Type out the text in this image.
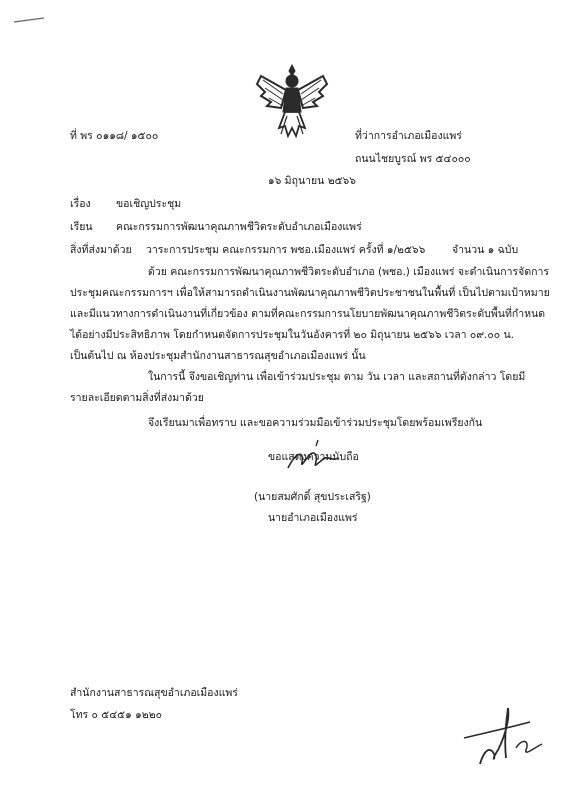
ที่ พร ๐๑๑๘/ ๑๕๐๐	ที่ว่าการอำเภอเมืองแพร่
ถนนไชยบูรณ์ พร ๕๔๐๐๐
๑๖ มิถุนายน ๒๕๖๖
เรื่อง ขอเชิญประชุม
เรียน คณะกรรมการพัฒนาคุณภาพชีวิตระดับอำเภอเมืองแพร่
สิ่งที่ส่งมาด้วย วาระการประชุม คณะกรรมการ พชอ.เมืองแพร่ ครั้งที่ ๑/๒๕๖๖	จำนวน ๑ ฉบับ
ด้วย คณะกรรมการพัฒนาคุณภาพชีวิตระดับอำเภอ (พชอ.) เมืองแพร่ จะดำเนินการจัดการ
ประชุมคณะกรรมการฯ เพื่อให้สามารถดำเนินงานพัฒนาคุณภาพชีวิตประชาชนในพื้นที่ เป็นไปตามเป้าหมาย
และมีแนวทางการดำเนินงานที่เกี่ยวข้อง ตามที่คณะกรรมการนโยบายพัฒนาคุณภาพชีวิตระดับพื้นที่กำหนด
ได้อย่างมีประสิทธิภาพ โดยกำหนดจัดการประชุมในวันอังคารที่ ๒๐ มิถุนายน ๒๕๖๖ เวลา ๐๙.๐๐ น.
เป็นต้นไป ณ ห้องประชุมสำนักงานสาธารณสุขอำเภอเมืองแพร่ นั้น
ในการนี้ จึงขอเชิญท่าน เพื่อเข้าร่วมประชุม ตาม วัน เวลา และสถานที่ดังกล่าว โดยมี
รายละเอียดตามสิ่งที่ส่งมาด้วย
จึงเรียนมาเพื่อทราบ และขอความร่วมมือเข้าร่วมประชุมโดยพร้อมเพรียงกัน
ขอแสดงความนับถือ
(นายสมศักดิ์ สุขประเสริฐ)
นายอำเภอเมืองแพร่
สำนักงานสาธารณสุขอำเภอเมืองแพร่
โทร ๐ ๕๔๕๑ ๑๒๒๐
